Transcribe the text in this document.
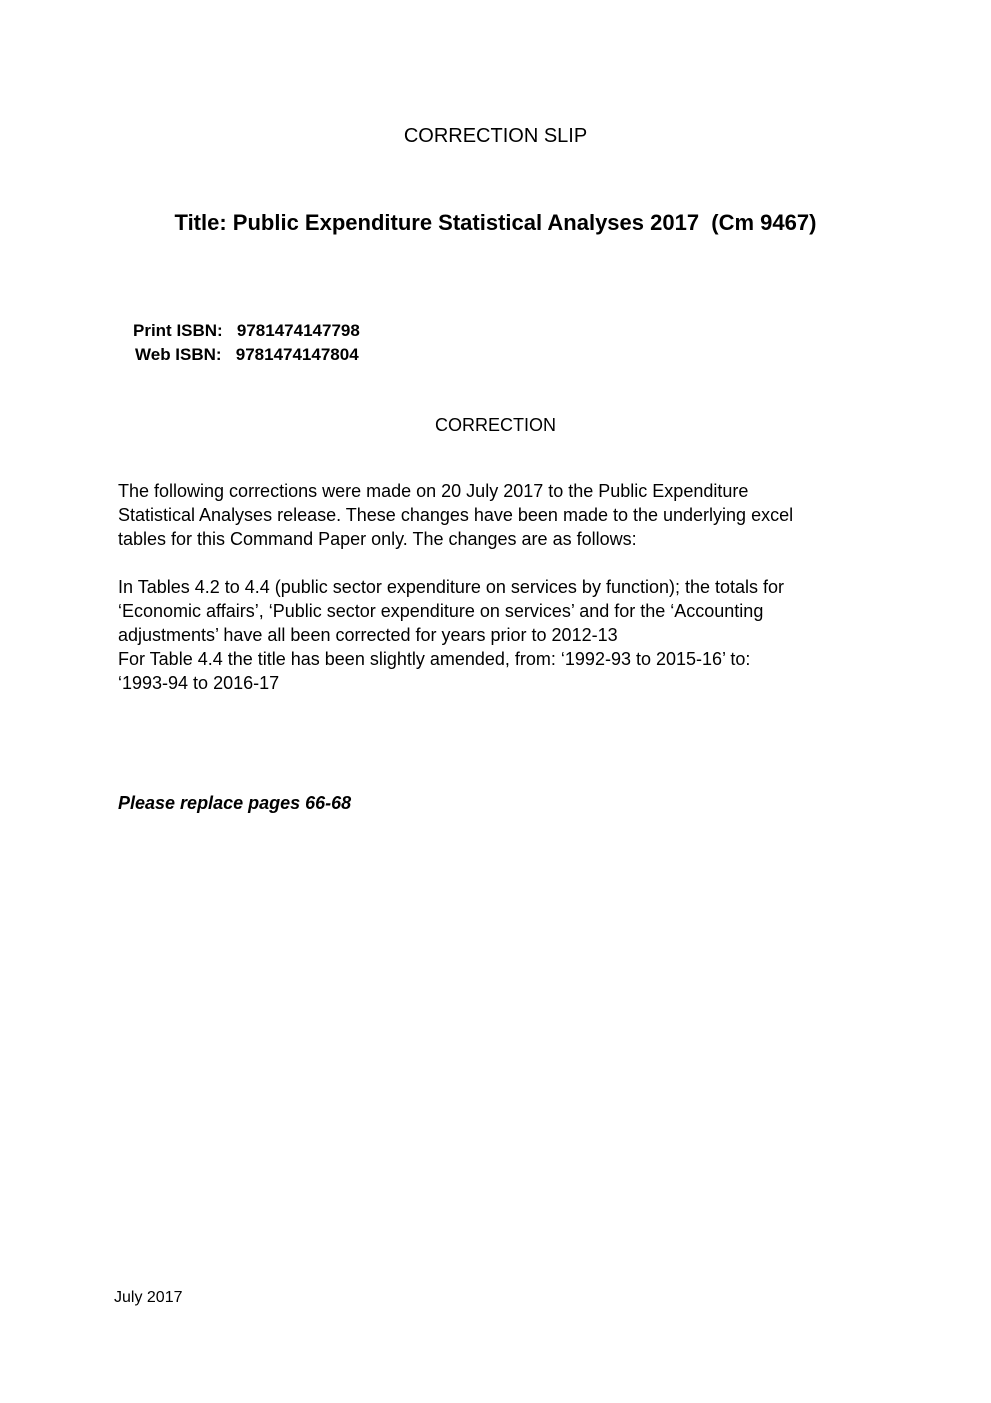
CORRECTION SLIP

Title: Public Expenditure Statistical Analyses 2017  (Cm 9467)

Print ISBN:   9781474147798

Web ISBN:   9781474147804

CORRECTION

The following corrections were made on 20 July 2017 to the Public Expenditure
Statistical Analyses release. These changes have been made to the underlying excel
tables for this Command Paper only. The changes are as follows:
In Tables 4.2 to 4.4 (public sector expenditure on services by function); the totals for
‘Economic affairs’, ‘Public sector expenditure on services’ and for the ‘Accounting
adjustments’ have all been corrected for years prior to 2012-13
For Table 4.4 the title has been slightly amended, from: ‘1992-93 to 2015-16’ to:
‘1993-94 to 2016-17

Please replace pages 66-68

July 2017
